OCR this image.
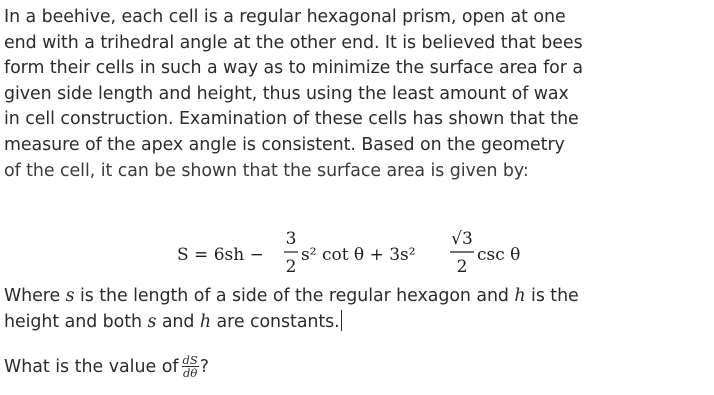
In a beehive, each cell is a regular hexagonal prism, open at one
end with a trihedral angle at the other end. It is believed that bees
form their cells in such a way as to minimize the surface area for a
given side length and height, thus using the least amount of wax
in cell construction. Examination of these cells has shown that the
measure of the apex angle is consistent. Based on the geometry
of the cell, it can be shown that the surface area is given by:
S = 6sh −
3
2
s² cot θ + 3s²
√3
2
csc θ
Where s is the length of a side of the regular hexagon and h is the
height and both s and h are constants.
What is the value of $\frac{dS}{d\theta}$ ?
